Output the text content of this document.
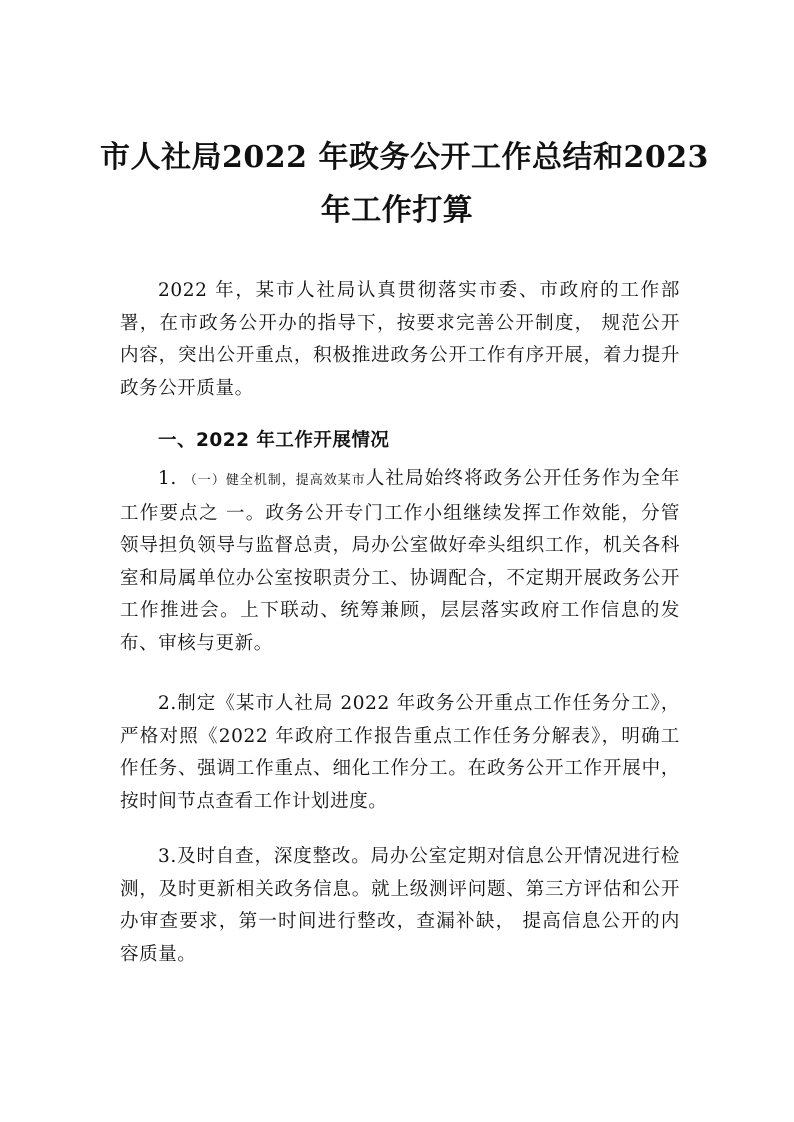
市人社局2022 年政务公开工作总结和2023
年工作打算

2022 年，某市人社局认真贯彻落实市委、市政府的工作部署，在市政务公开办的指导下，按要求完善公开制度， 规范公开内容，突出公开重点，积极推进政务公开工作有序开展，着力提升政务公开质量。

一、2022 年工作开展情况

1. （一）健全机制，提高效某市人社局始终将政务公开任务作为全年工作要点之 一。政务公开专门工作小组继续发挥工作效能，分管领导担负领导与监督总责，局办公室做好牵头组织工作，机关各科室和局属单位办公室按职责分工、协调配合，不定期开展政务公开工作推进会。上下联动、统筹兼顾，层层落实政府工作信息的发布、审核与更新。

2.制定《某市人社局 2022 年政务公开重点工作任务分工》，严格对照《2022 年政府工作报告重点工作任务分解表》，明确工作任务、强调工作重点、细化工作分工。在政务公开工作开展中，按时间节点查看工作计划进度。

3.及时自查，深度整改。局办公室定期对信息公开情况进行检测，及时更新相关政务信息。就上级测评问题、第三方评估和公开办审查要求，第一时间进行整改，查漏补缺， 提高信息公开的内容质量。
